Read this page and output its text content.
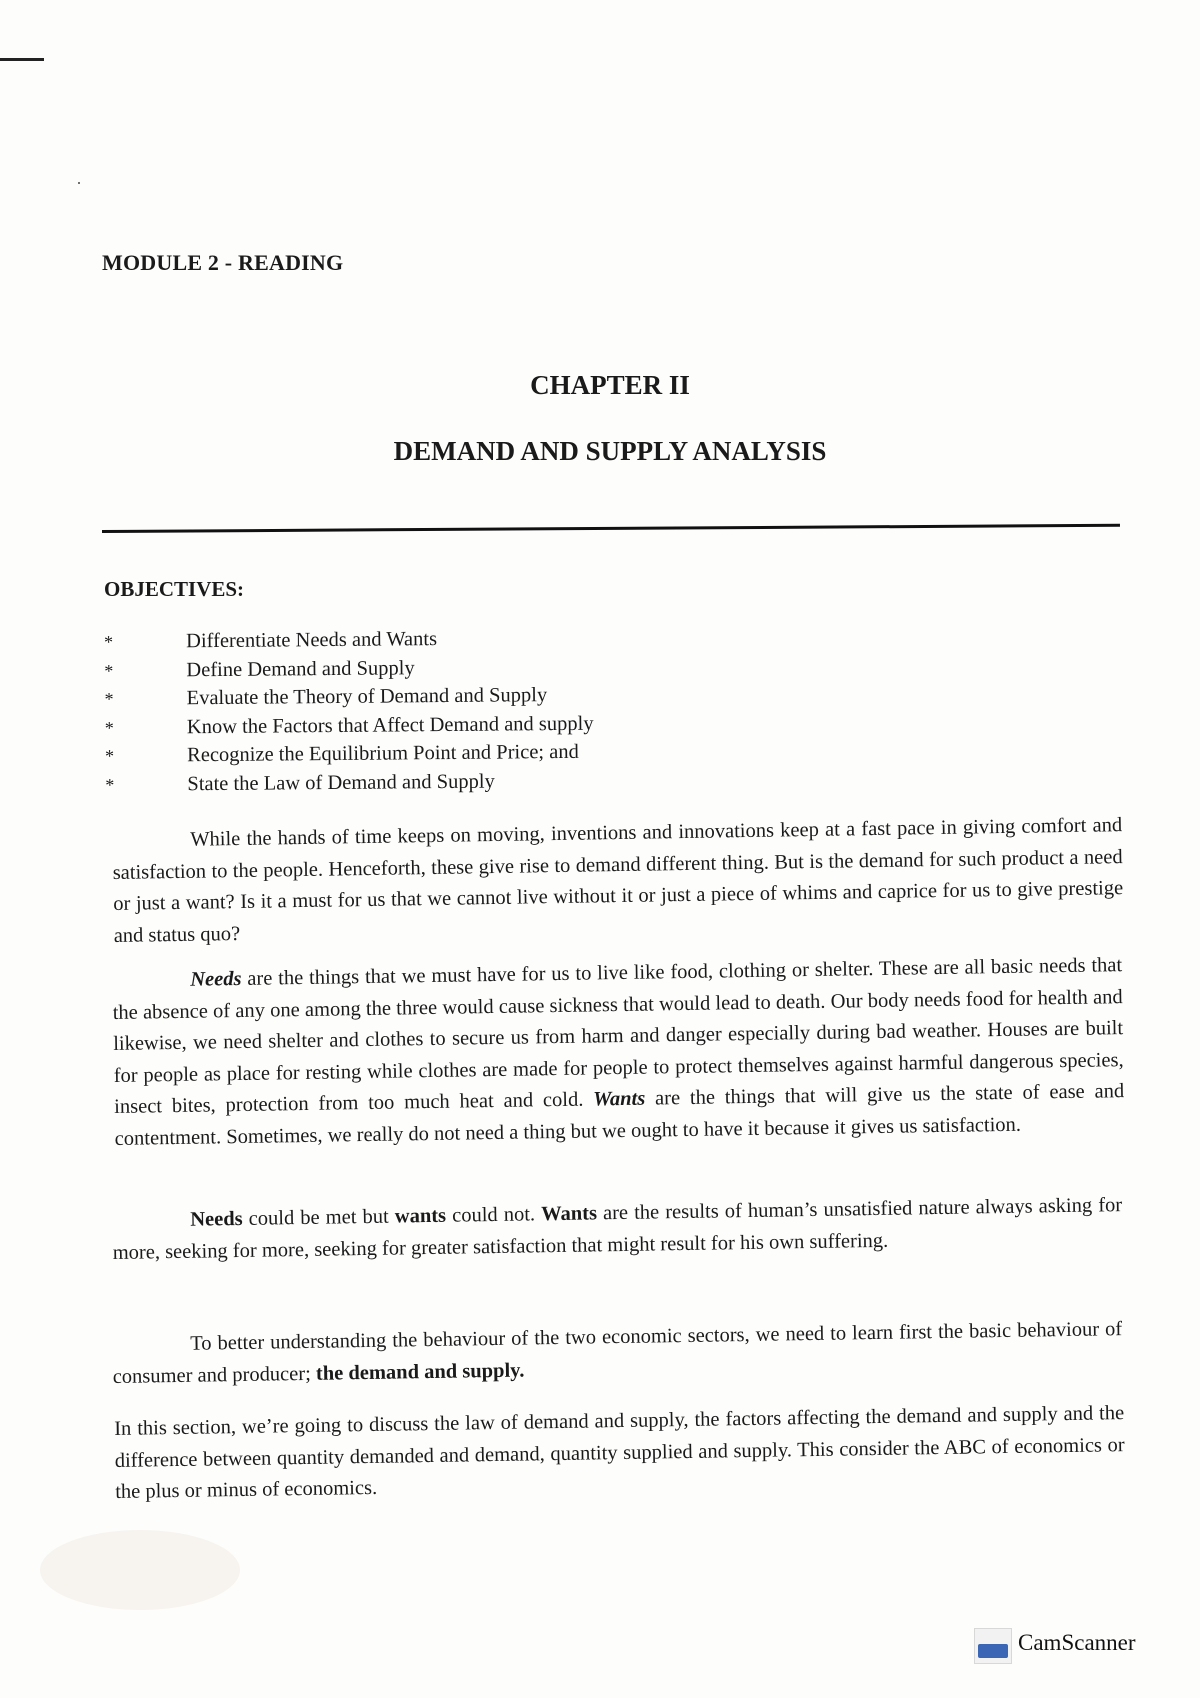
MODULE 2 - READING
CHAPTER II
DEMAND AND SUPPLY ANALYSIS
OBJECTIVES:
*	Differentiate Needs and Wants
*	Define Demand and Supply
*	Evaluate the Theory of Demand and Supply
*	Know the Factors that Affect Demand and supply
*	Recognize the Equilibrium Point and Price; and
*	State the Law of Demand and Supply

While the hands of time keeps on moving, inventions and innovations keep at a fast pace in giving comfort and satisfaction to the people. Henceforth, these give rise to demand different thing. But is the demand for such product a need or just a want? Is it a must for us that we cannot live without it or just a piece of whims and caprice for us to give prestige and status quo?

Needs are the things that we must have for us to live like food, clothing or shelter. These are all basic needs that the absence of any one among the three would cause sickness that would lead to death. Our body needs food for health and likewise, we need shelter and clothes to secure us from harm and danger especially during bad weather. Houses are built for people as place for resting while clothes are made for people to protect themselves against harmful dangerous species, insect bites, protection from too much heat and cold. Wants are the things that will give us the state of ease and contentment. Sometimes, we really do not need a thing but we ought to have it because it gives us satisfaction.

Needs could be met but wants could not. Wants are the results of human’s unsatisfied nature always asking for more, seeking for more, seeking for greater satisfaction that might result for his own suffering.

To better understanding the behaviour of the two economic sectors, we need to learn first the basic behaviour of consumer and producer; the demand and supply.

In this section, we’re going to discuss the law of demand and supply, the factors affecting the demand and supply and the difference between quantity demanded and demand, quantity supplied and supply. This consider the ABC of economics or the plus or minus of economics.

CamScanner
